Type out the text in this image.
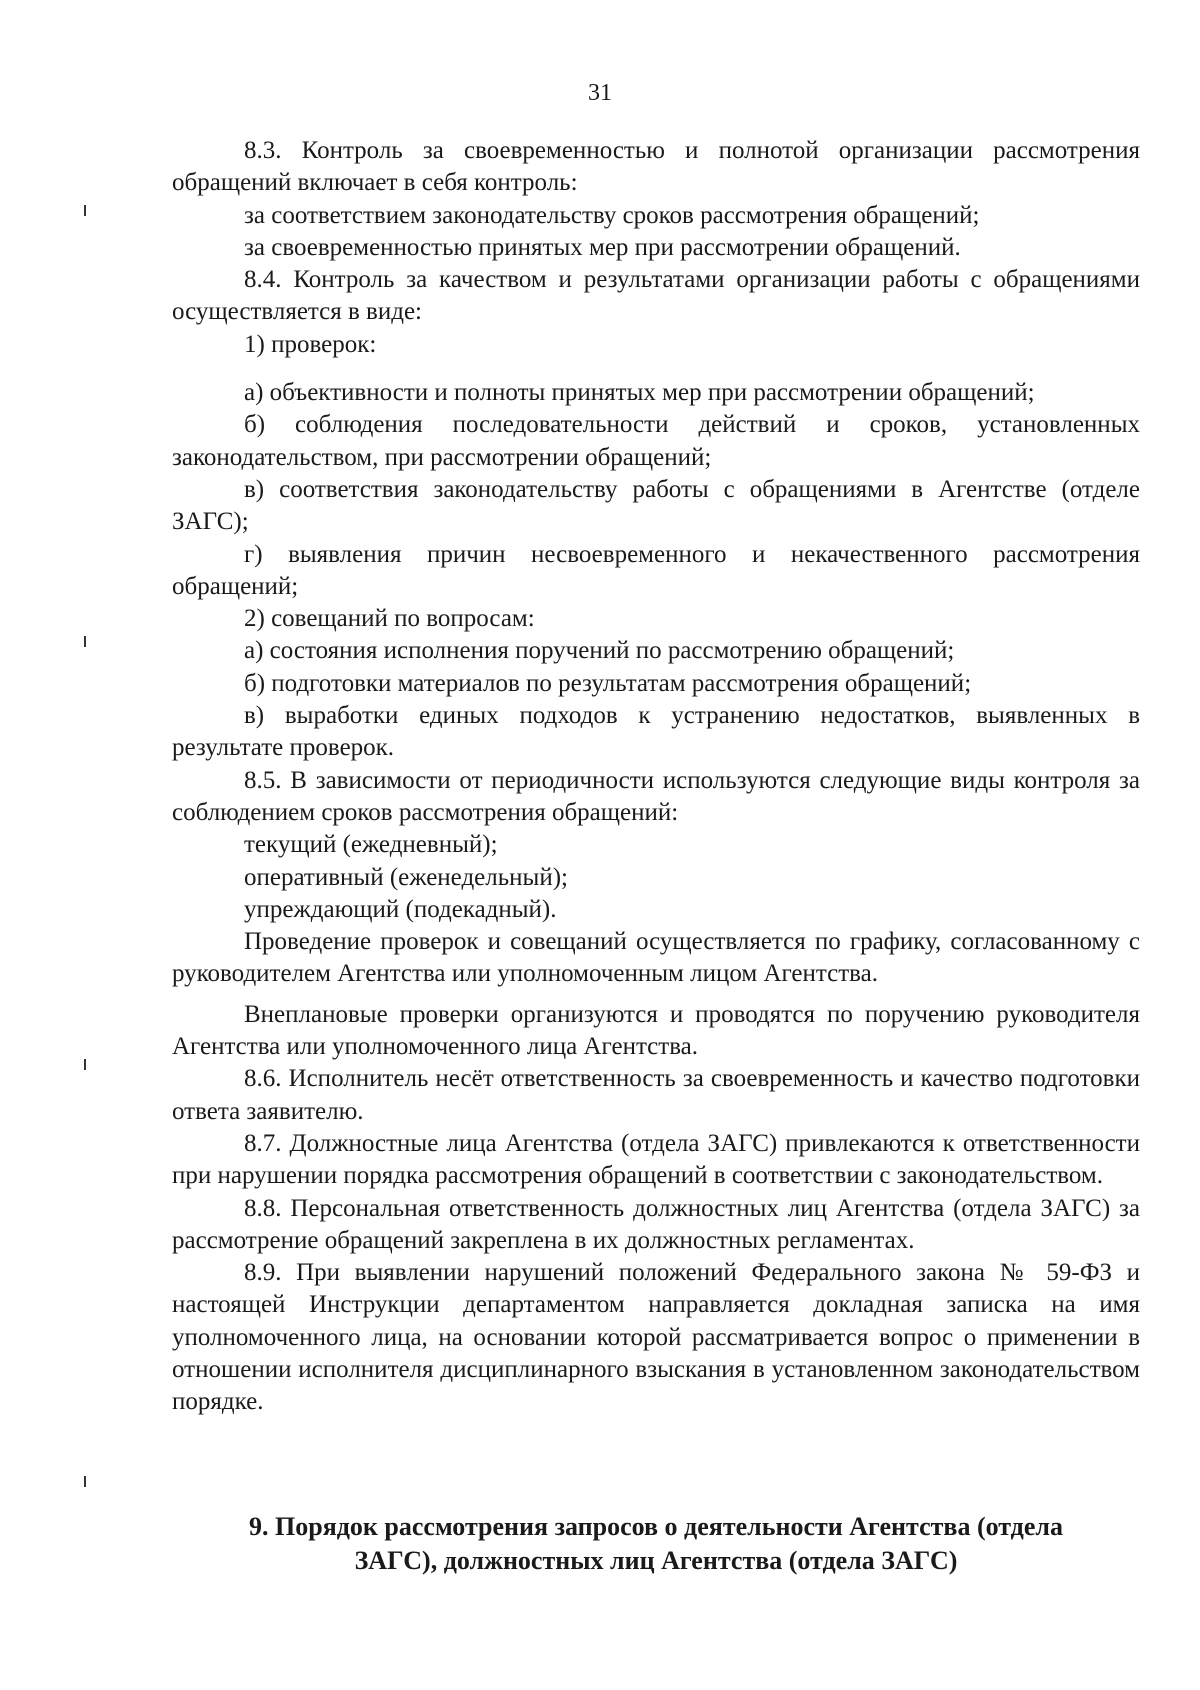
31

8.3. Контроль за своевременностью и полнотой организации рассмотрения обращений включает в себя контроль:

за соответствием законодательству сроков рассмотрения обращений;

за своевременностью принятых мер при рассмотрении обращений.

8.4. Контроль за качеством и результатами организации работы с обращениями осуществляется в виде:

1) проверок:

а) объективности и полноты принятых мер при рассмотрении обращений;

б) соблюдения последовательности действий и сроков, установленных законодательством, при рассмотрении обращений;

в) соответствия законодательству работы с обращениями в Агентстве (отделе ЗАГС);

г) выявления причин несвоевременного и некачественного рассмотрения обращений;

2) совещаний по вопросам:

а) состояния исполнения поручений по рассмотрению обращений;

б) подготовки материалов по результатам рассмотрения обращений;

в) выработки единых подходов к устранению недостатков, выявленных в результате проверок.

8.5. В зависимости от периодичности используются следующие виды контроля за соблюдением сроков рассмотрения обращений:

текущий (ежедневный);

оперативный (еженедельный);

упреждающий (подекадный).

Проведение проверок и совещаний осуществляется по графику, согласованному с руководителем Агентства или уполномоченным лицом Агентства.

Внеплановые проверки организуются и проводятся по поручению руководителя Агентства или уполномоченного лица Агентства.

8.6. Исполнитель несёт ответственность за своевременность и качество подготовки ответа заявителю.

8.7. Должностные лица Агентства (отдела ЗАГС) привлекаются к ответственности при нарушении порядка рассмотрения обращений в соответствии с законодательством.

8.8. Персональная ответственность должностных лиц Агентства (отдела ЗАГС) за рассмотрение обращений закреплена в их должностных регламентах.

8.9. При выявлении нарушений положений Федерального закона № 59-ФЗ и настоящей Инструкции департаментом направляется докладная записка на имя уполномоченного лица, на основании которой рассматривается вопрос о применении в отношении исполнителя дисциплинарного взыскания в установленном законодательством порядке.

9. Порядок рассмотрения запросов о деятельности Агентства (отдела
ЗАГС), должностных лиц Агентства (отдела ЗАГС)
